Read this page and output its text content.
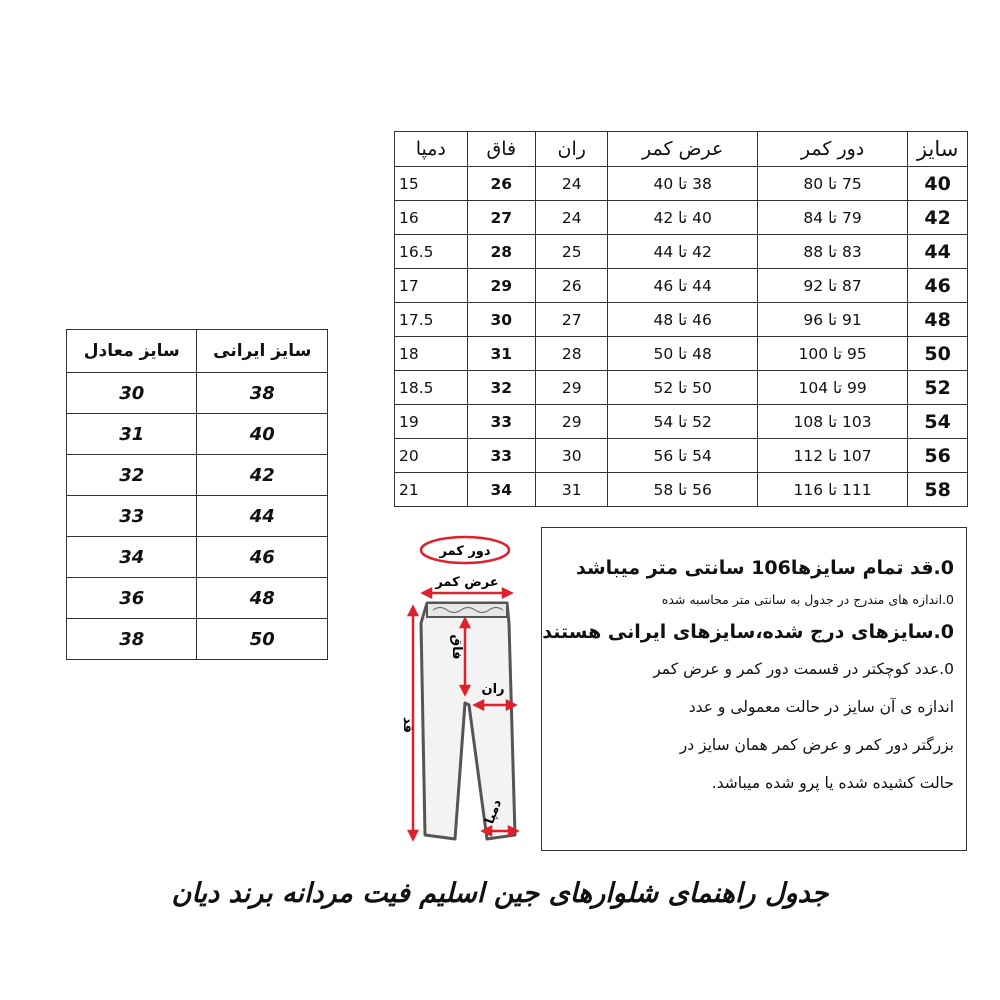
سایز	دور کمر	عرض کمر	ران	فاق	دمپا
40	75 تا 80	38 تا 40	24	26	15
42	79 تا 84	40 تا 42	24	27	16
44	83 تا 88	42 تا 44	25	28	16.5
46	87 تا 92	44 تا 46	26	29	17
48	91 تا 96	46 تا 48	27	30	17.5
50	95 تا 100	48 تا 50	28	31	18
52	99 تا 104	50 تا 52	29	32	18.5
54	103 تا 108	52 تا 54	29	33	19
56	107 تا 112	54 تا 56	30	33	20
58	111 تا 116	56 تا 58	31	34	21
سایز ایرانی	سایز معادل
38	30
40	31
42	32
44	33
46	34
48	36
50	38
دور کمر
عرض کمر
قد
فاق
ران
دمپا
0.قد تمام سایزها106 سانتی متر میباشد
0.اندازه های مندرج در جدول به سانتی متر محاسبه شده
0.سایزهای درج شده،سایزهای ایرانی هستند
0.عدد کوچکتر در قسمت دور کمر و عرض کمر
اندازه ی آن سایز در حالت معمولی و عدد
بزرگتر دور کمر و عرض کمر همان سایز در
حالت کشیده شده یا پرو شده میباشد.
جدول راهنمای شلوارهای جین اسلیم فیت مردانه برند دیان
